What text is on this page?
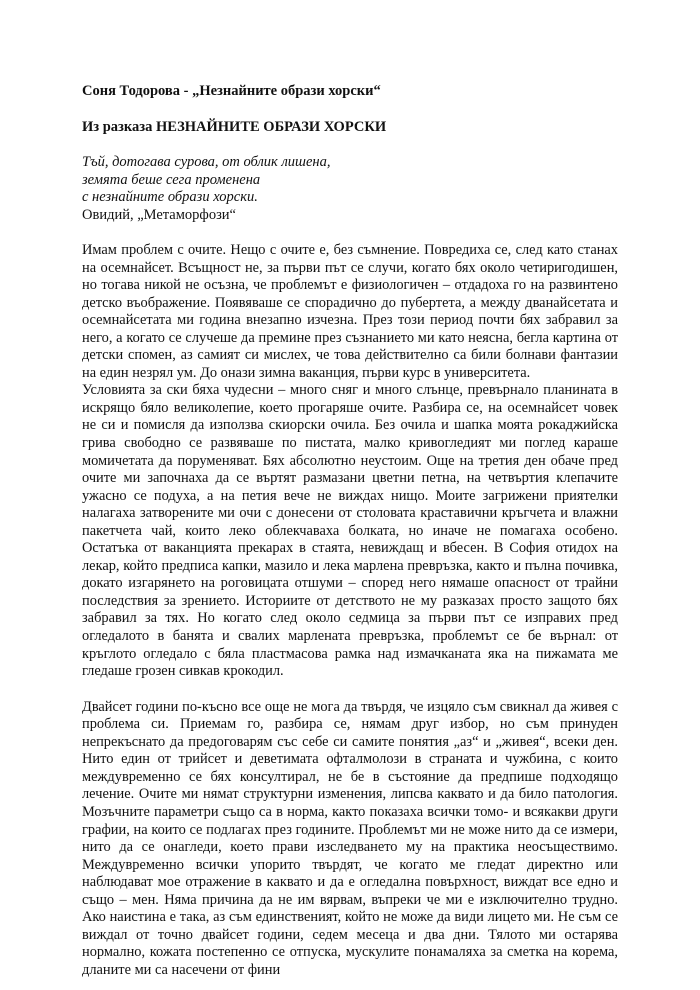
Соня Тодорова - „Незнайните образи хорски“

Из разказа НЕЗНАЙНИТЕ ОБРАЗИ ХОРСКИ

Тъй, дотогава сурова, от облик лишена,
земята беше сега променена
с незнайните образи хорски.
Овидий, „Метаморфози“

Имам проблем с очите. Нещо с очите е, без съмнение. Повредиха се, след като станах на осемнайсет. Всъщност не, за първи път се случи, когато бях около четиригодишен, но тогава никой не осъзна, че проблемът е физиологичен – отдадоха го на развинтено детско въображение. Появяваше се спорадично до пубертета, а между дванайсетата и осемнайсетата ми година внезапно изчезна. През този период почти бях забравил за него, а когато се случеше да премине през съзнанието ми като неясна, бегла картина от детски спомен, аз самият си мислех, че това действително са били болнави фантазии на един незрял ум. До онази зимна ваканция, първи курс в университета.

Условията за ски бяха чудесни – много сняг и много слънце, превърнало планината в искрящо бяло великолепие, което прогаряше очите. Разбира се, на осемнайсет човек не си и помисля да използва скиорски очила. Без очила и шапка моята рокаджийска грива свободно се развяваше по пистата, малко кривогледият ми поглед караше момичетата да поруменяват. Бях абсолютно неустоим. Още на третия ден обаче пред очите ми започнаха да се въртят размазани цветни петна, на четвъртия клепачите ужасно се подуха, а на петия вече не виждах нищо. Моите загрижени приятелки налагаха затворените ми очи с донесени от столовата краставични кръгчета и влажни пакетчета чай, които леко облекчаваха болката, но иначе не помагаха особено. Остатъка от ваканцията прекарах в стаята, невиждащ и вбесен. В София отидох на лекар, който предписа капки, мазило и лека марлена превръзка, както и пълна почивка, докато изгарянето на роговицата отшуми – според него нямаше опасност от трайни последствия за зрението. Историите от детството не му разказах просто защото бях забравил за тях. Но когато след около седмица за първи път се изправих пред огледалото в банята и свалих марлената превръзка, проблемът се бе върнал: от кръглото огледало с бяла пластмасова рамка над измачканата яка на пижамата ме гледаше грозен сивкав крокодил.

Двайсет години по-късно все още не мога да твърдя, че изцяло съм свикнал да живея с проблема си. Приемам го, разбира се, нямам друг избор, но съм принуден непрекъснато да предоговарям със себе си самите понятия „аз“ и „живея“, всеки ден. Нито един от трийсет и деветимата офталмолози в страната и чужбина, с които междувременно се бях консултирал, не бе в състояние да предпише подходящо лечение. Очите ми нямат структурни изменения, липсва каквато и да било патология. Мозъчните параметри също са в норма, както показаха всички томо- и всякакви други графии, на които се подлагах през годините. Проблемът ми не може нито да се измери, нито да се онагледи, което прави изследването му на практика неосъществимо. Междувременно всички упорито твърдят, че когато ме гледат директно или наблюдават мое отражение в каквато и да е огледална повърхност, виждат все едно и също – мен. Няма причина да не им вярвам, въпреки че ми е изключително трудно. Ако наистина е така, аз съм единственият, който не може да види лицето ми. Не съм се виждал от точно двайсет години, седем месеца и два дни. Тялото ми остарява нормално, кожата постепенно се отпуска, мускулите понамаляха за сметка на корема, дланите ми са насечени от фини
